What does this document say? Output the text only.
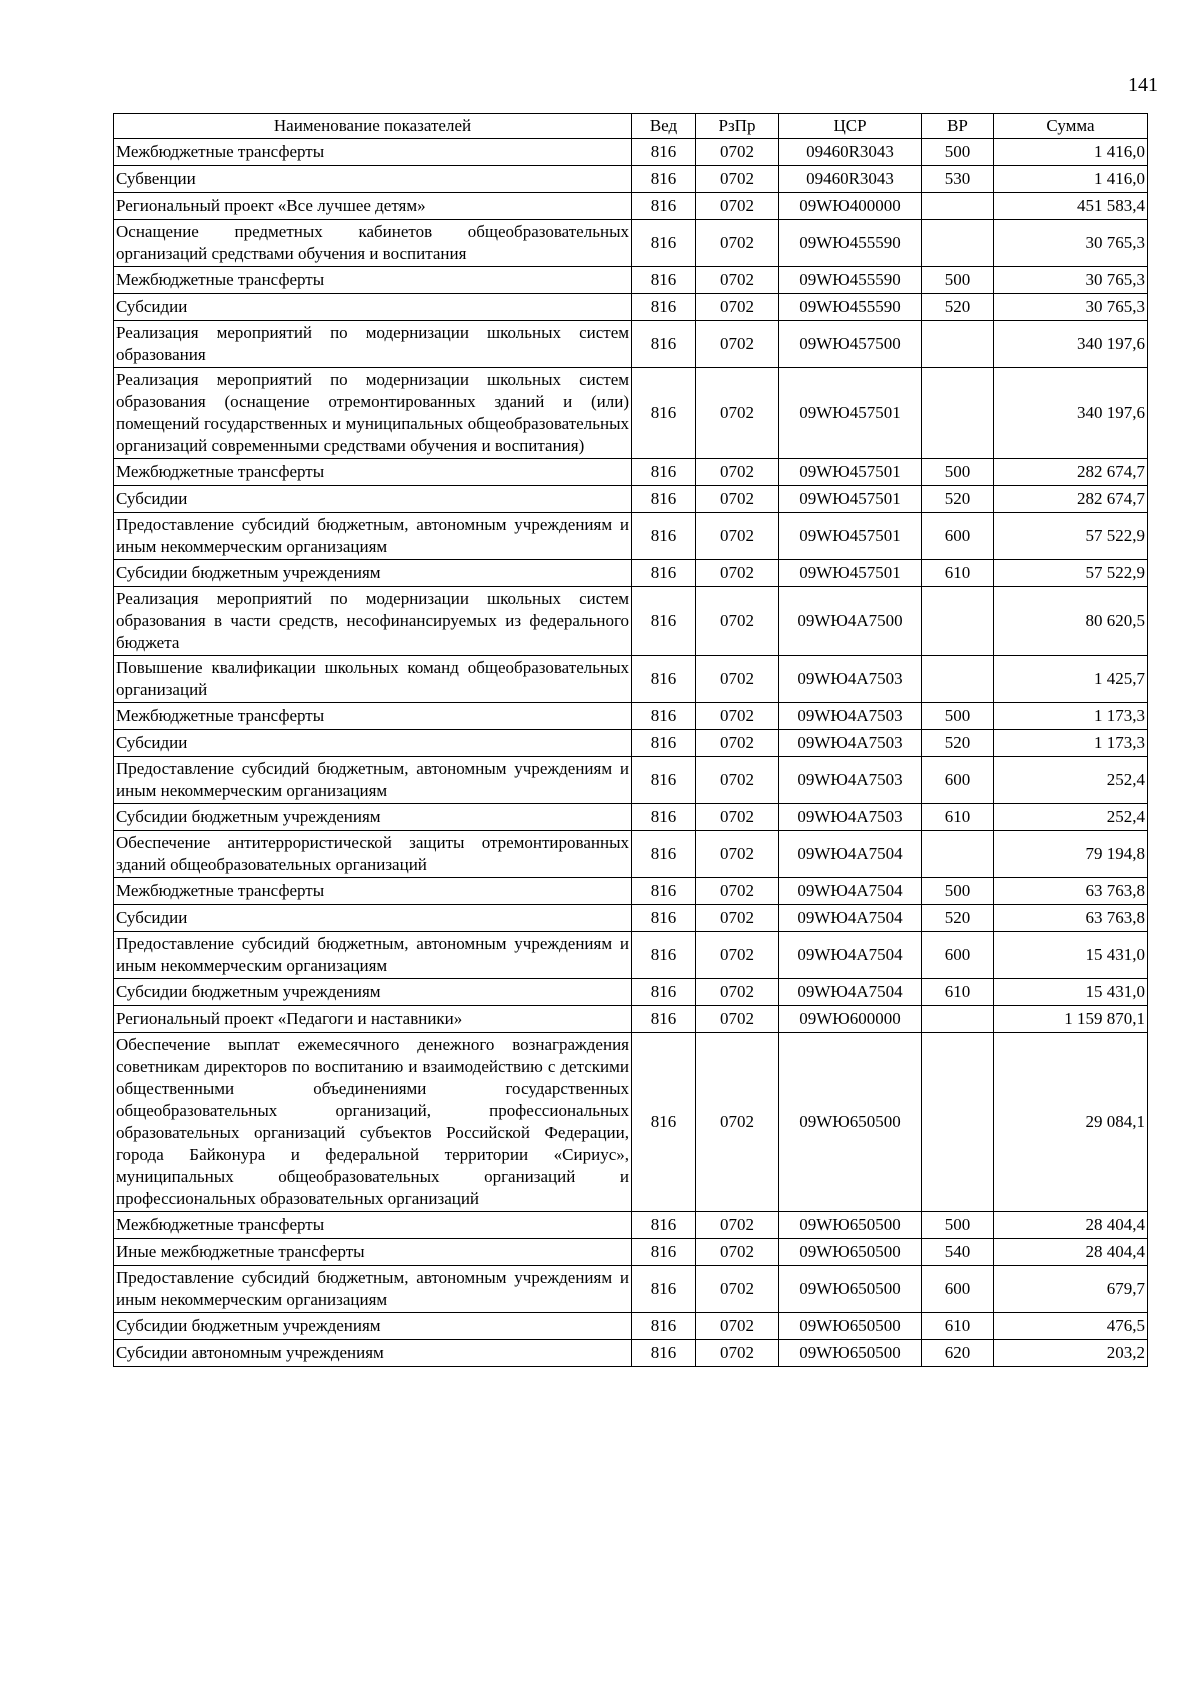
141
Наименование показателей	Вед	РзПр	ЦСР	ВР	Сумма
Межбюджетные трансферты	816	0702	09460R3043	500	1 416,0
Субвенции	816	0702	09460R3043	530	1 416,0
Региональный проект «Все лучшее детям»	816	0702	09WЮ400000		451 583,4
Оснащение предметных кабинетов общеобразовательных организаций средствами обучения и воспитания	816	0702	09WЮ455590		30 765,3
Межбюджетные трансферты	816	0702	09WЮ455590	500	30 765,3
Субсидии	816	0702	09WЮ455590	520	30 765,3
Реализация мероприятий по модернизации школьных систем образования	816	0702	09WЮ457500		340 197,6
Реализация мероприятий по модернизации школьных систем образования (оснащение отремонтированных зданий и (или) помещений государственных и муниципальных общеобразовательных организаций современными средствами обучения и воспитания)	816	0702	09WЮ457501		340 197,6
Межбюджетные трансферты	816	0702	09WЮ457501	500	282 674,7
Субсидии	816	0702	09WЮ457501	520	282 674,7
Предоставление субсидий бюджетным, автономным учреждениям и иным некоммерческим организациям	816	0702	09WЮ457501	600	57 522,9
Субсидии бюджетным учреждениям	816	0702	09WЮ457501	610	57 522,9
Реализация мероприятий по модернизации школьных систем образования в части средств, несофинансируемых из федерального бюджета	816	0702	09WЮ4A7500		80 620,5
Повышение квалификации школьных команд общеобразовательных организаций	816	0702	09WЮ4A7503		1 425,7
Межбюджетные трансферты	816	0702	09WЮ4A7503	500	1 173,3
Субсидии	816	0702	09WЮ4A7503	520	1 173,3
Предоставление субсидий бюджетным, автономным учреждениям и иным некоммерческим организациям	816	0702	09WЮ4A7503	600	252,4
Субсидии бюджетным учреждениям	816	0702	09WЮ4A7503	610	252,4
Обеспечение антитеррористической защиты отремонтированных зданий общеобразовательных организаций	816	0702	09WЮ4A7504		79 194,8
Межбюджетные трансферты	816	0702	09WЮ4A7504	500	63 763,8
Субсидии	816	0702	09WЮ4A7504	520	63 763,8
Предоставление субсидий бюджетным, автономным учреждениям и иным некоммерческим организациям	816	0702	09WЮ4A7504	600	15 431,0
Субсидии бюджетным учреждениям	816	0702	09WЮ4A7504	610	15 431,0
Региональный проект «Педагоги и наставники»	816	0702	09WЮ600000		1 159 870,1
Обеспечение выплат ежемесячного денежного вознаграждения советникам директоров по воспитанию и взаимодействию с детскими общественными объединениями государственных общеобразовательных организаций, профессиональных образовательных организаций субъектов Российской Федерации, города Байконура и федеральной территории «Сириус», муниципальных общеобразовательных организаций и профессиональных образовательных организаций	816	0702	09WЮ650500		29 084,1
Межбюджетные трансферты	816	0702	09WЮ650500	500	28 404,4
Иные межбюджетные трансферты	816	0702	09WЮ650500	540	28 404,4
Предоставление субсидий бюджетным, автономным учреждениям и иным некоммерческим организациям	816	0702	09WЮ650500	600	679,7
Субсидии бюджетным учреждениям	816	0702	09WЮ650500	610	476,5
Субсидии автономным учреждениям	816	0702	09WЮ650500	620	203,2
